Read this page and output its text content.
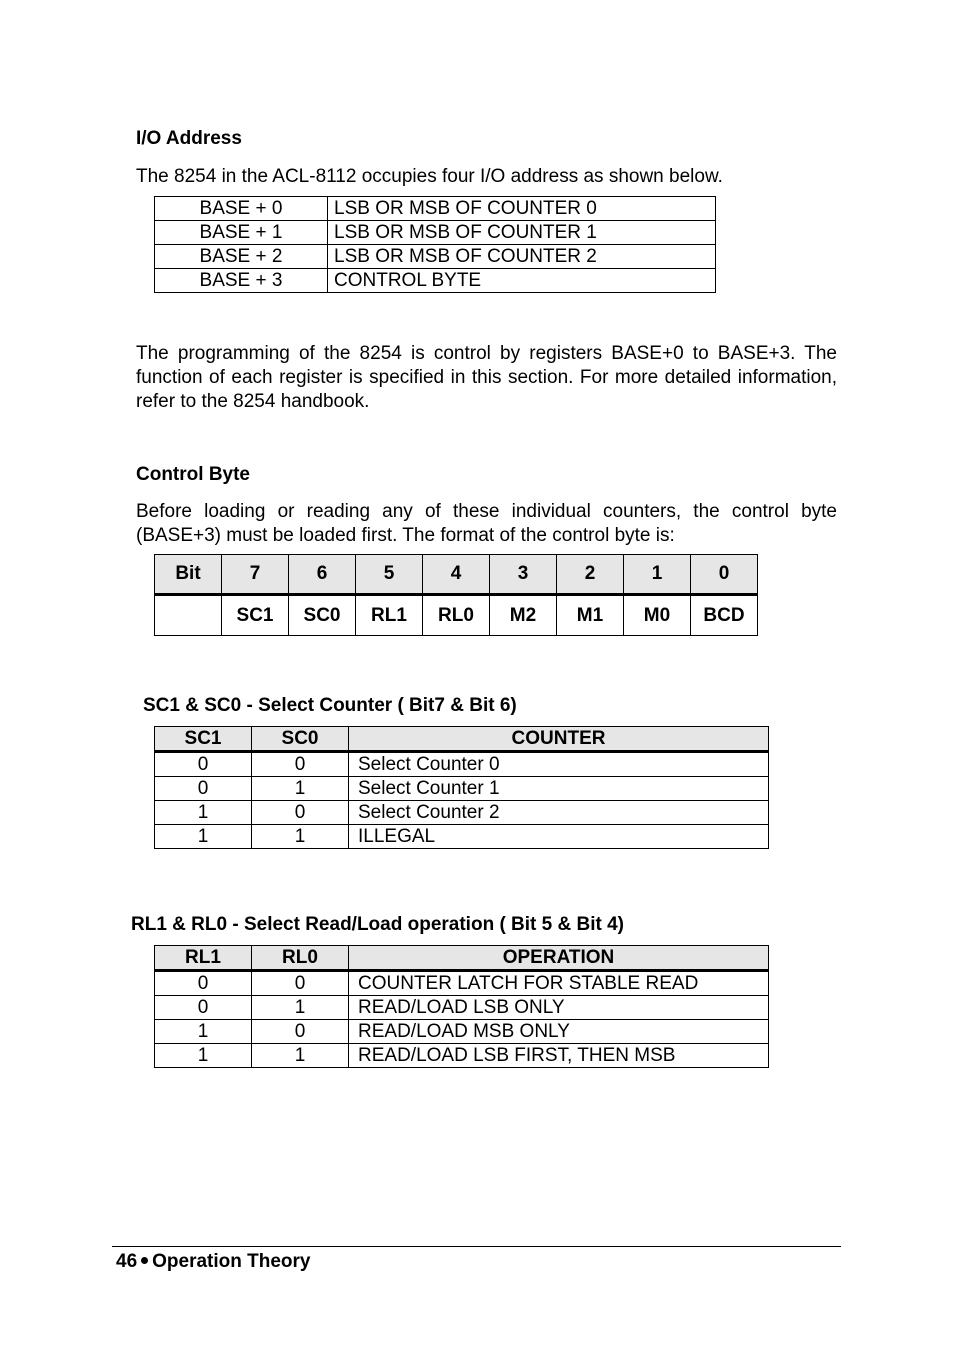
I/O Address
The 8254 in the ACL-8112 occupies four I/O address as shown below.
BASE + 0	LSB OR MSB OF COUNTER 0
BASE + 1	LSB OR MSB OF COUNTER 1
BASE + 2	LSB OR MSB OF COUNTER 2
BASE + 3	CONTROL BYTE
The programming of the 8254 is control by registers BASE+0 to BASE+3. The function of each register is specified in this section. For more detailed information, refer to the 8254 handbook.
Control Byte
Before loading or reading any of these individual counters, the control byte (BASE+3) must be loaded first. The format of the control byte is:
Bit	7	6	5	4	3	2	1	0
	SC1	SC0	RL1	RL0	M2	M1	M0	BCD
SC1 & SC0 - Select Counter ( Bit7 & Bit 6)
SC1	SC0	COUNTER
0	0	Select Counter 0
0	1	Select Counter 1
1	0	Select Counter 2
1	1	ILLEGAL
RL1 & RL0 - Select Read/Load operation ( Bit 5 & Bit 4)
RL1	RL0	OPERATION
0	0	COUNTER LATCH FOR STABLE READ
0	1	READ/LOAD LSB ONLY
1	0	READ/LOAD MSB ONLY
1	1	READ/LOAD LSB FIRST, THEN MSB
46 Operation Theory
